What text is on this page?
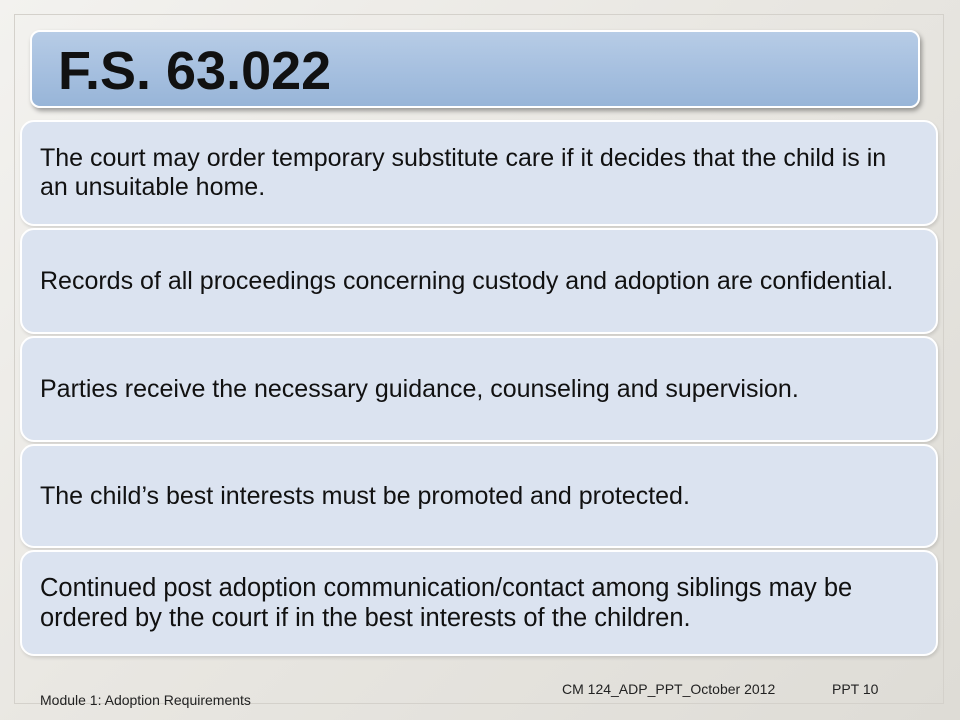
F.S. 63.022
The court may order temporary substitute care if it decides that the child is in an unsuitable home.
Records of all proceedings concerning custody and adoption are confidential.
Parties receive the necessary guidance, counseling and supervision.
The child’s best interests must be promoted and protected.
Continued post adoption communication/contact among siblings may be ordered by the court if in the best interests of the children.
Module 1: Adoption Requirements
CM 124_ADP_PPT_October 2012	PPT 10
